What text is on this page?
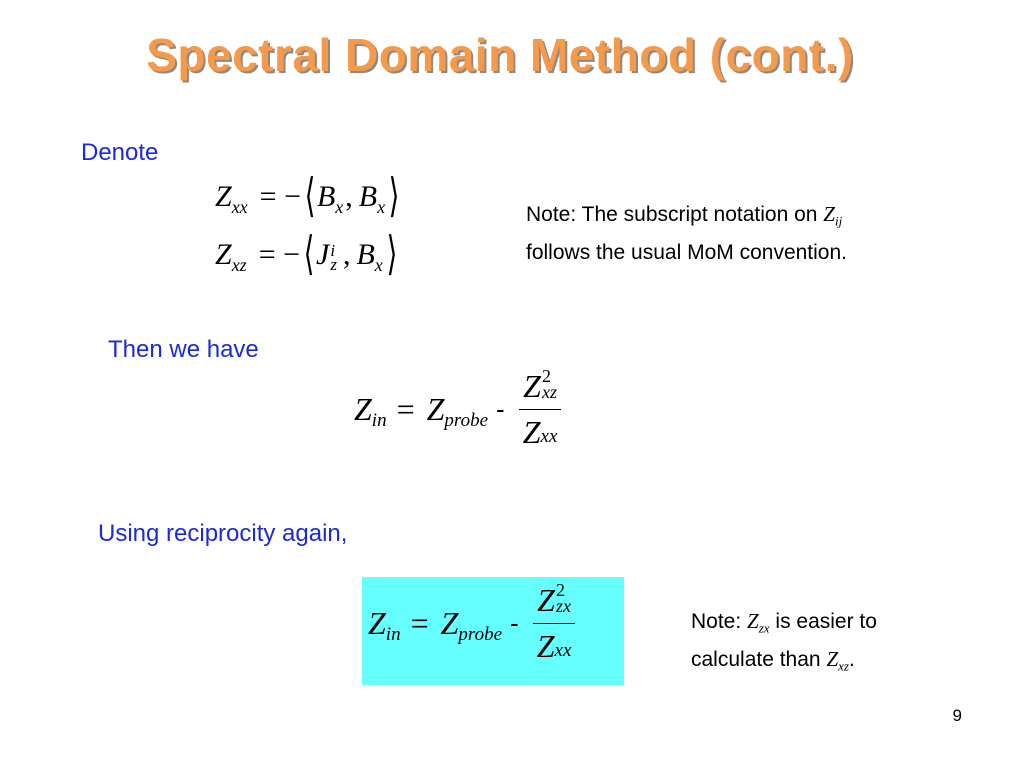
Spectral Domain Method (cont.)
Denote
Z xx = − ⟨ B x , B x ⟩
Z xz = − ⟨ J i
z , B x ⟩
Note: The subscript notation on $Z_{ij}$
follows the usual MoM convention.
Then we have
Z in = Z probe - Z 2
xz
Z xx
Using reciprocity again,
Z in = Z probe - Z 2
zx
Z xx	Note: $Z_{zx}$ is easier to
calculate than $Z_{xz}$.
9
